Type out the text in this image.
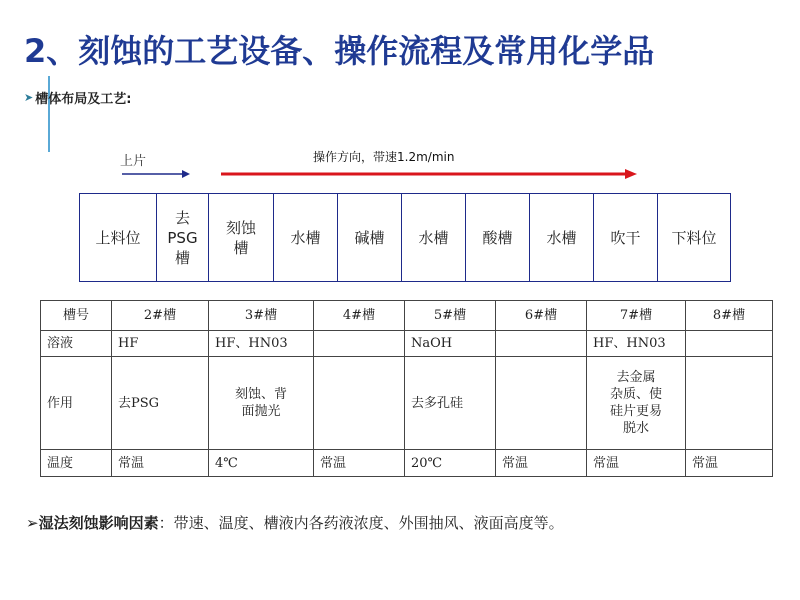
2、刻蚀的工艺设备、操作流程及常用化学品
➤ 槽体布局及工艺:
上片	操作方向，带速1.2m/min
上料位	去
PSG
槽	刻蚀
槽	水槽	碱槽	水槽	酸槽	水槽	吹干	下料位
槽号	2#槽	3#槽	4#槽	5#槽	6#槽	7#槽	8#槽
溶液	HF	HF、HN03		NaOH		HF、HN03	
作用	去PSG	刻蚀、背
面抛光		去多孔硅		去金属
杂质、使
硅片更易
脱水	
温度	常温	4℃	常温	20℃	常温	常温	常温
➢湿法刻蚀影响因素：带速、温度、槽液内各药液浓度、外围抽风、液面高度等。
